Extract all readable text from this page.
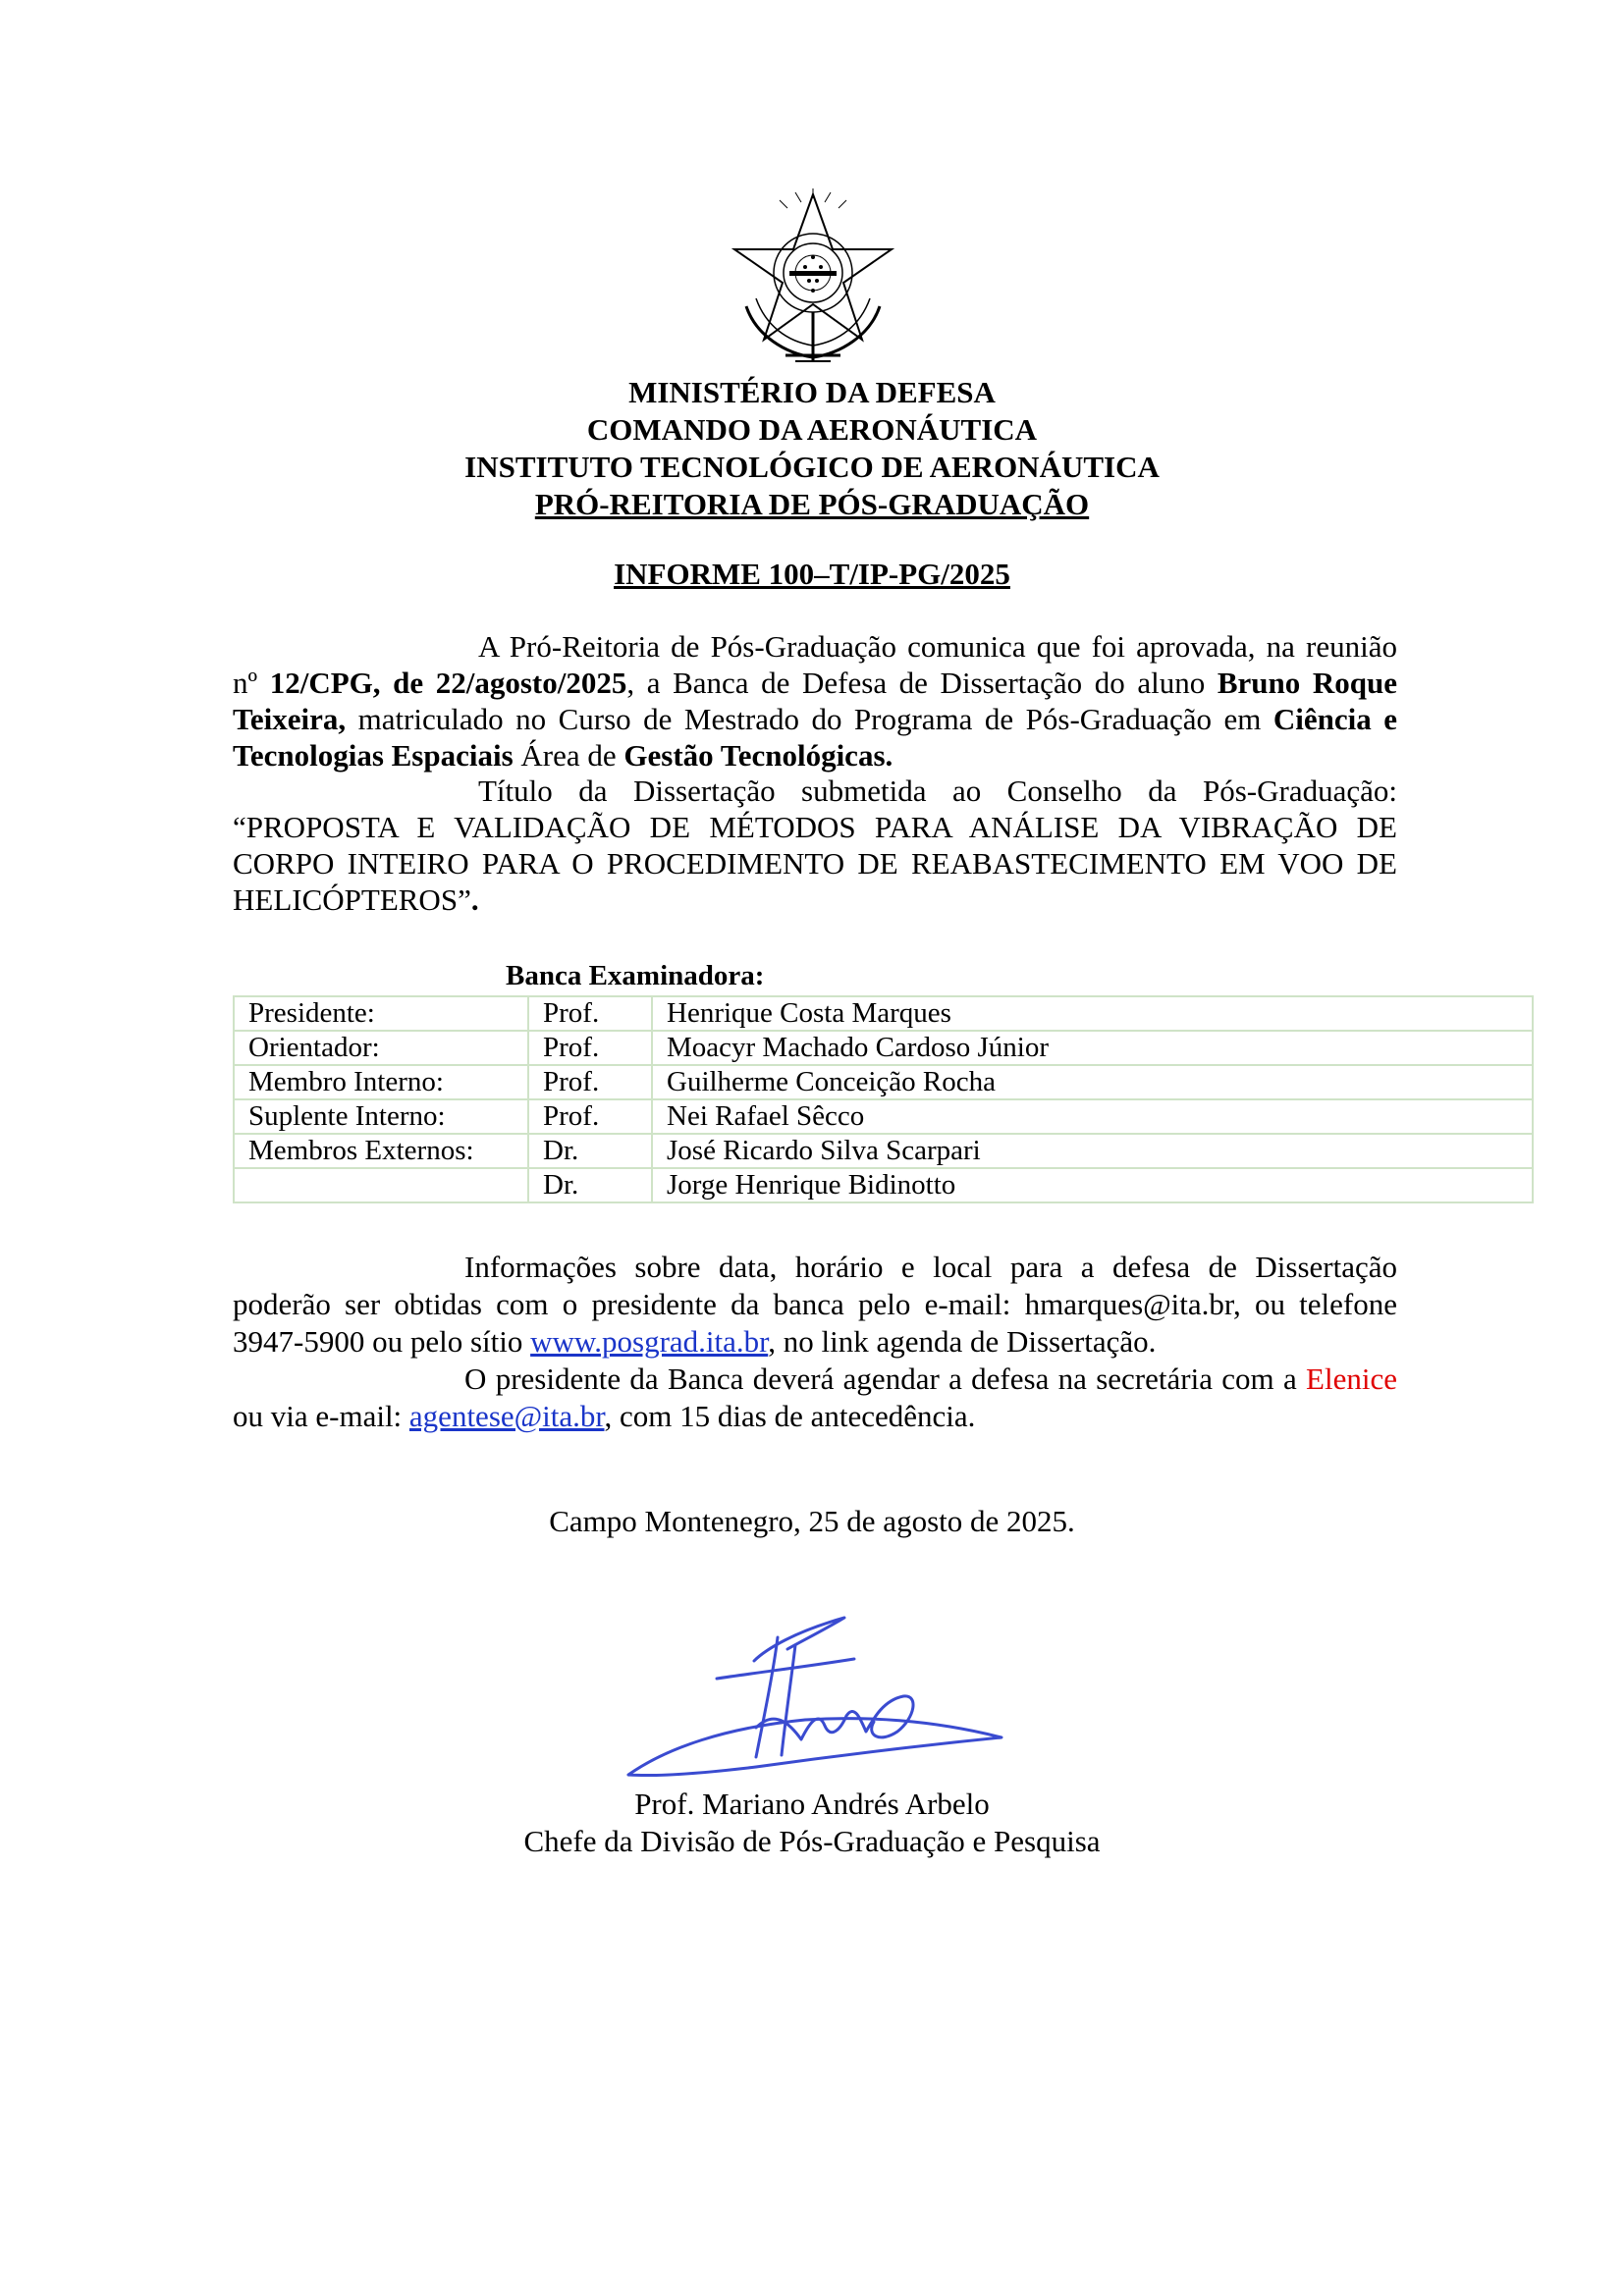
MINISTÉRIO DA DEFESA
COMANDO DA AERONÁUTICA
INSTITUTO TECNOLÓGICO DE AERONÁUTICA
PRÓ-REITORIA DE PÓS-GRADUAÇÃO
INFORME 100–T/IP-PG/2025
A Pró-Reitoria de Pós-Graduação comunica que foi aprovada, na reunião nº 12/CPG, de 22/agosto/2025, a Banca de Defesa de Dissertação do aluno Bruno Roque Teixeira, matriculado no Curso de Mestrado do Programa de Pós-Graduação em Ciência e Tecnologias Espaciais Área de Gestão Tecnológicas.
Título da Dissertação submetida ao Conselho da Pós-Graduação: “PROPOSTA E VALIDAÇÃO DE MÉTODOS PARA ANÁLISE DA VIBRAÇÃO DE CORPO INTEIRO PARA O PROCEDIMENTO DE REABASTECIMENTO EM VOO DE HELICÓPTEROS”.
Banca Examinadora:
Presidente:	Prof.	Henrique Costa Marques
Orientador:	Prof.	Moacyr Machado Cardoso Júnior
Membro Interno:	Prof.	Guilherme Conceição Rocha
Suplente Interno:	Prof.	Nei Rafael Sêcco
Membros Externos:	Dr.	José Ricardo Silva Scarpari
	Dr.	Jorge Henrique Bidinotto
Informações sobre data, horário e local para a defesa de Dissertação poderão ser obtidas com o presidente da banca pelo e-mail: hmarques@ita.br, ou telefone 3947-5900 ou pelo sítio www.posgrad.ita.br, no link agenda de Dissertação.
O presidente da Banca deverá agendar a defesa na secretária com a Elenice ou via e-mail: agentese@ita.br, com 15 dias de antecedência.
Campo Montenegro, 25 de agosto de 2025.
Prof. Mariano Andrés Arbelo
Chefe da Divisão de Pós-Graduação e Pesquisa
